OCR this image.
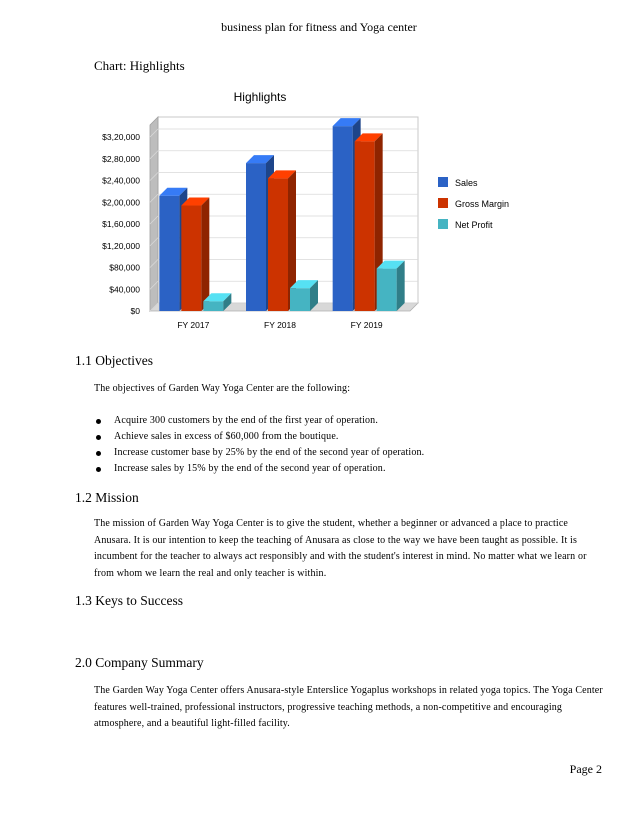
business plan for fitness and Yoga center
Chart: Highlights
Highlights
$0
$40,000
$80,000
$1,20,000
$1,60,000
$2,00,000
$2,40,000
$2,80,000
$3,20,000
FY 2017	FY 2018	FY 2019
Sales
Gross Margin
Net Profit
1.1 Objectives
The objectives of Garden Way Yoga Center are the following:
Acquire 300 customers by the end of the first year of operation.
Achieve sales in excess of $60,000 from the boutique.
Increase customer base by 25% by the end of the second year of operation.
Increase sales by 15% by the end of the second year of operation.
1.2 Mission
The mission of Garden Way Yoga Center is to give the student, whether a beginner or advanced a place to practice Anusara. It is our intention to keep the teaching of Anusara as close to the way we have been taught as possible. It is incumbent for the teacher to always act responsibly and with the student's interest in mind. No matter what we learn or from whom we learn the real and only teacher is within.
1.3 Keys to Success
2.0 Company Summary
The Garden Way Yoga Center offers Anusara-style Enterslice Yogaplus workshops in related yoga topics. The Yoga Center features well-trained, professional instructors, progressive teaching methods, a non-competitive and encouraging atmosphere, and a beautiful light-filled facility.
Page 2
